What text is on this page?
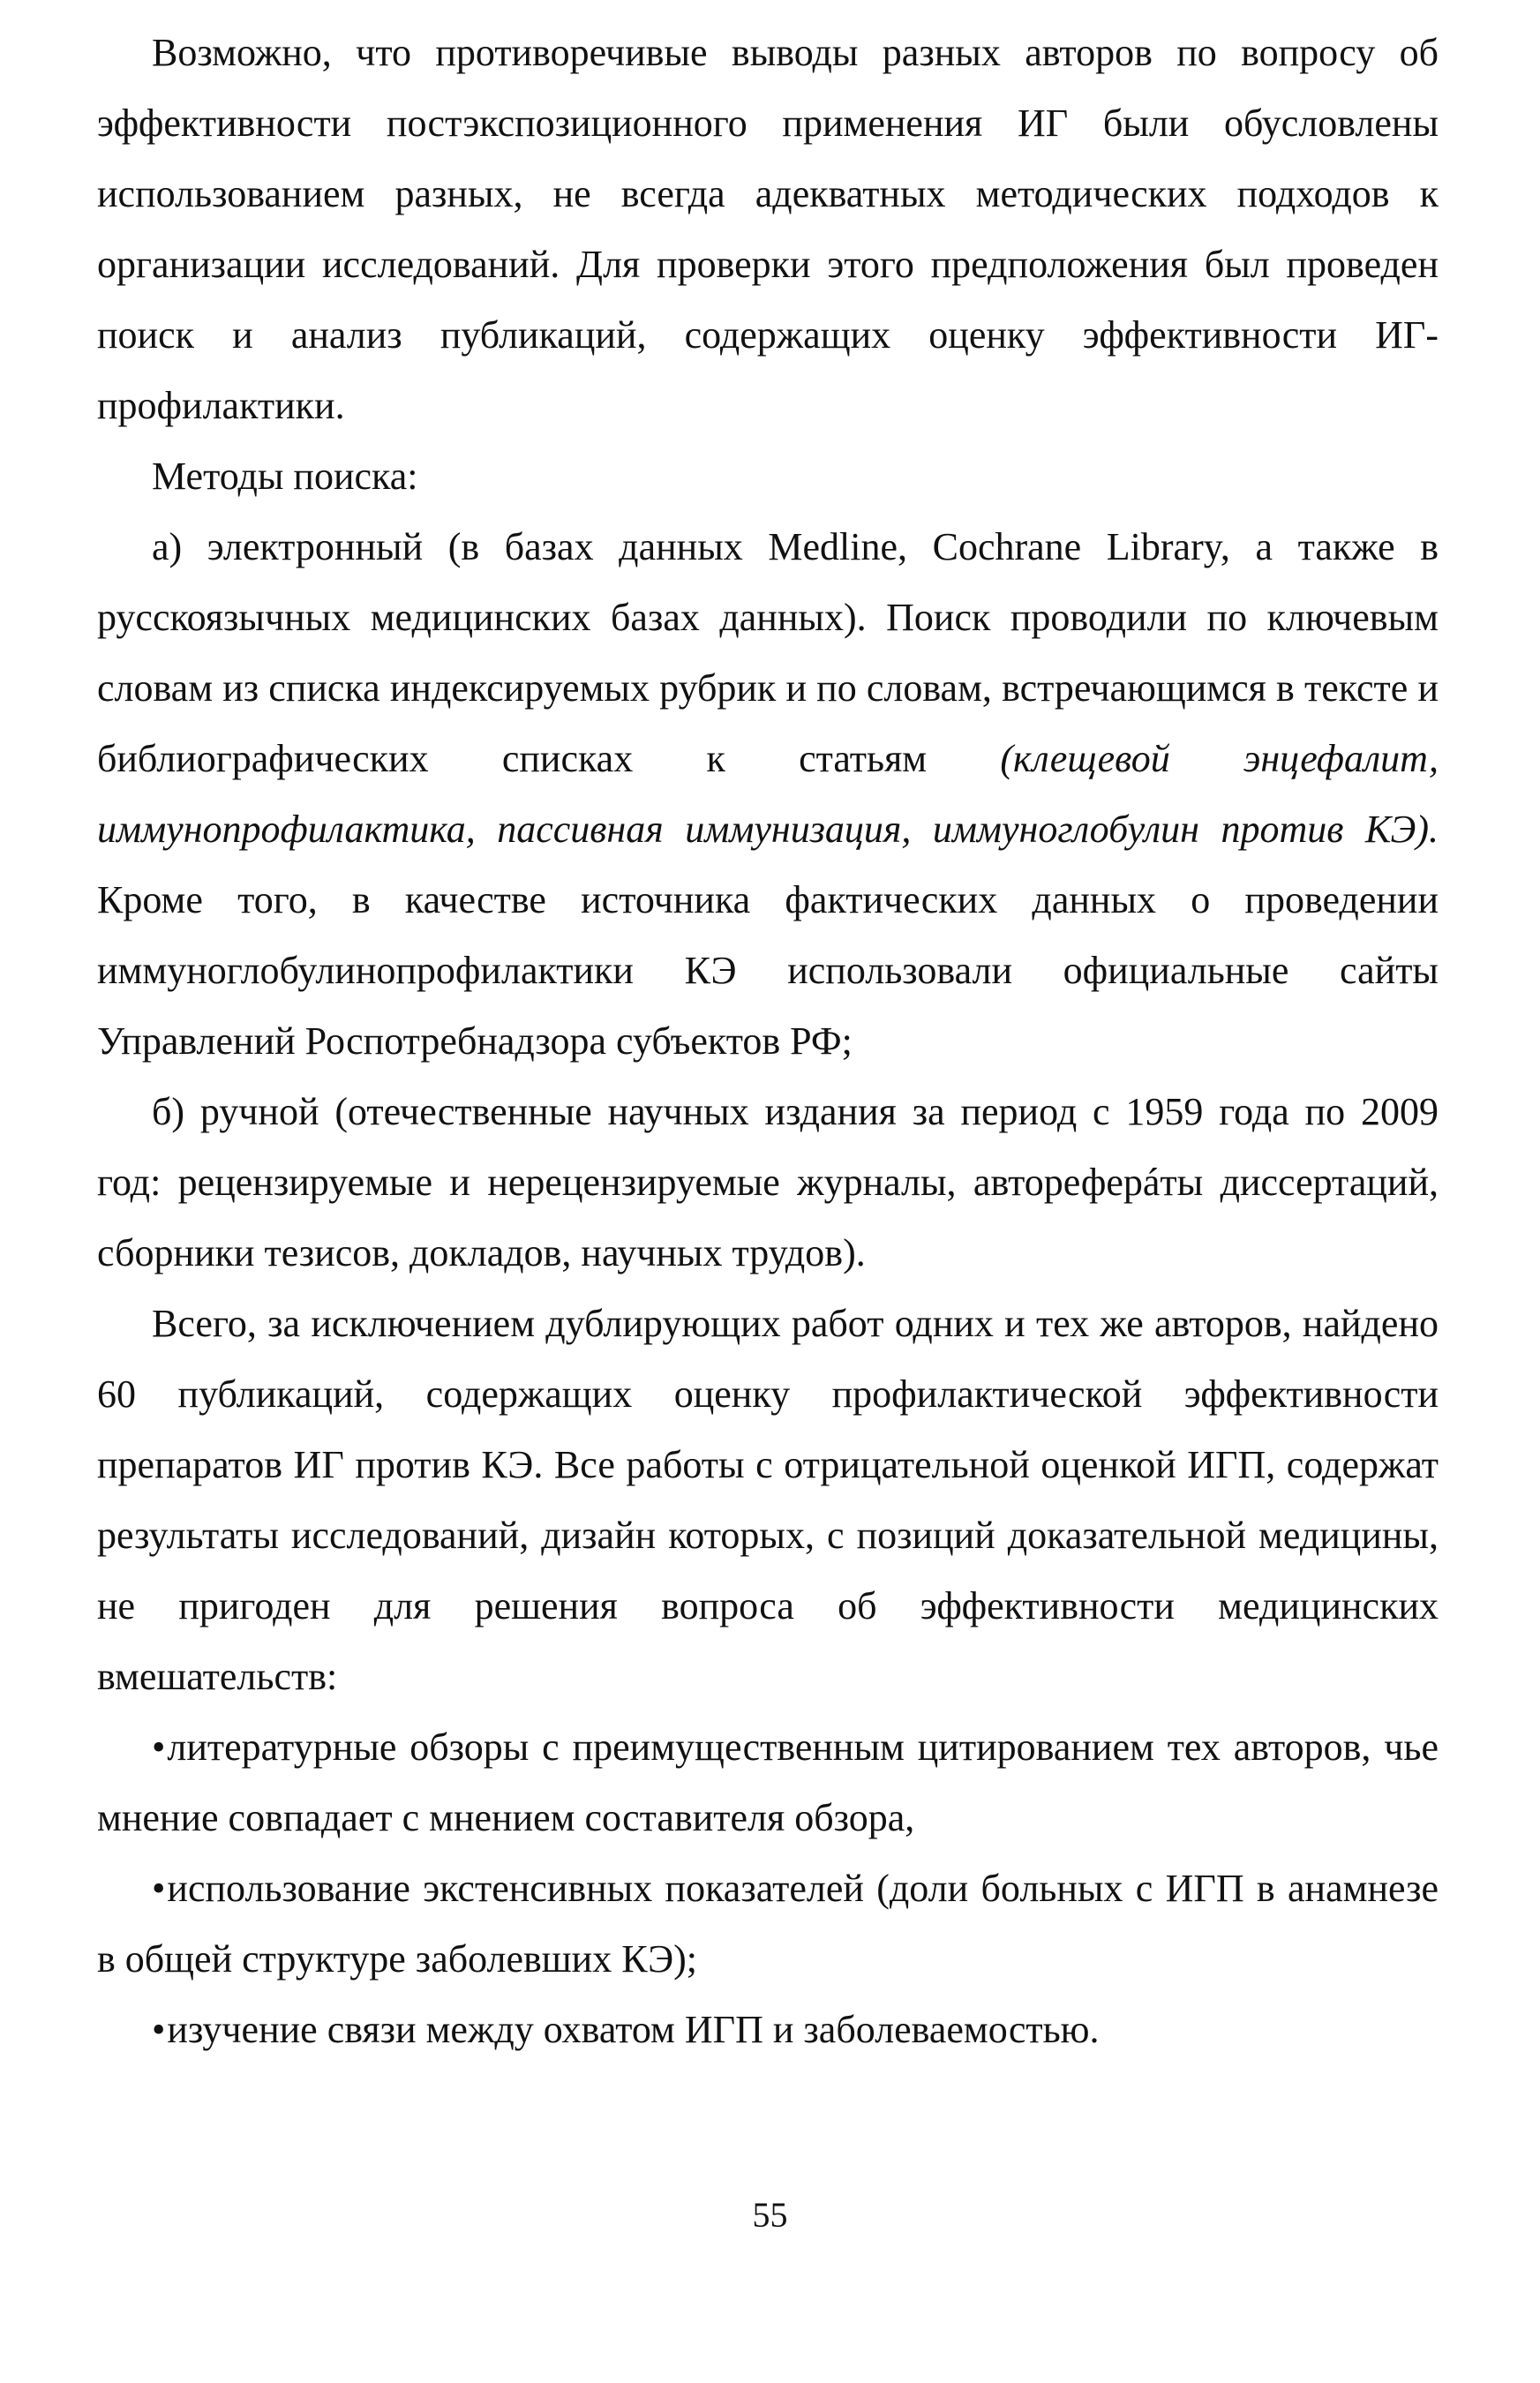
Возможно, что противоречивые выводы разных авторов по вопросу об эффективности постэкспозиционного применения ИГ были обусловлены использованием разных, не всегда адекватных методических подходов к организации исследований. Для проверки этого предположения был проведен поиск и анализ публикаций, содержащих оценку эффективности ИГ-профилактики.

Методы поиска:

а) электронный (в базах данных Medline, Cochrane Library, а также в русскоязычных медицинских базах данных). Поиск проводили по ключевым словам из списка индексируемых рубрик и по словам, встречающимся в тексте и библиографических списках к статьям (клещевой энцефалит, иммунопрофилактика, пассивная иммунизация, иммуноглобулин против КЭ). Кроме того, в качестве источника фактических данных о проведении иммуноглобулинопрофилактики КЭ использовали официальные сайты Управлений Роспотребнадзора субъектов РФ;

б) ручной (отечественные научных издания за период с 1959 года по 2009 год: рецензируемые и нерецензируемые журналы, автореферáты диссертаций, сборники тезисов, докладов, научных трудов).

Всего, за исключением дублирующих работ одних и тех же авторов, найдено 60 публикаций, содержащих оценку профилактической эффективности препаратов ИГ против КЭ. Все работы с отрицательной оценкой ИГП, содержат результаты исследований, дизайн которых, с позиций доказательной медицины, не пригоден для решения вопроса об эффективности медицинских вмешательств:

•литературные обзоры с преимущественным цитированием тех авторов, чье мнение совпадает с мнением составителя обзора,

•использование экстенсивных показателей (доли больных с ИГП в анамнезе в общей структуре заболевших КЭ);

•изучение связи между охватом ИГП и заболеваемостью.

55
